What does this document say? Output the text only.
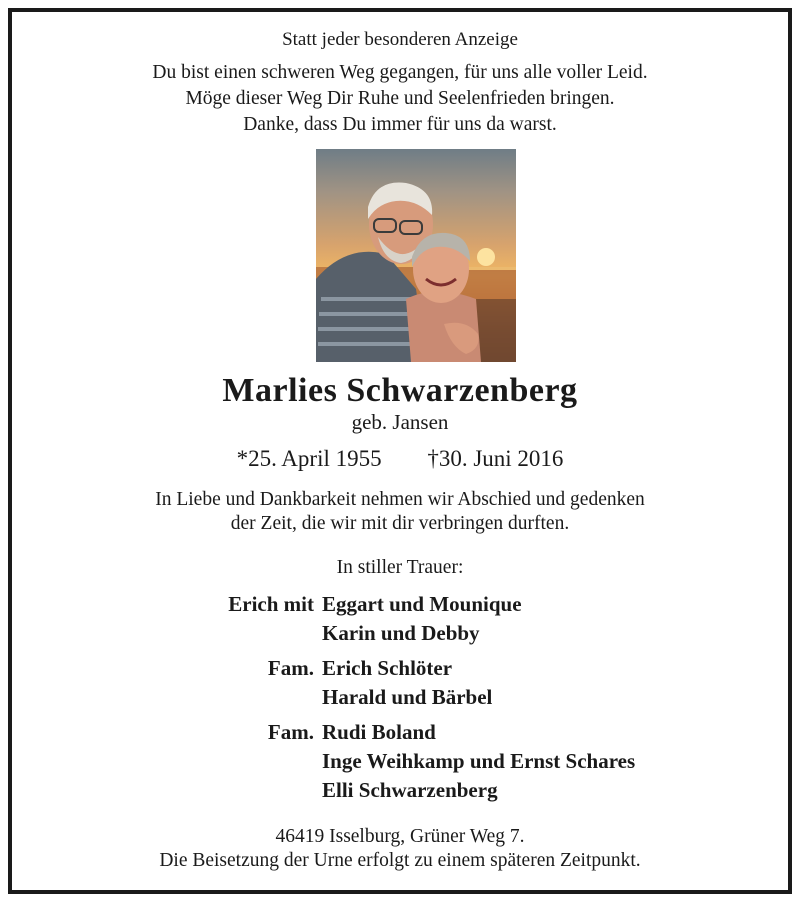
Statt jeder besonderen Anzeige
Du bist einen schweren Weg gegangen, für uns alle voller Leid.
Möge dieser Weg Dir Ruhe und Seelenfrieden bringen.
Danke, dass Du immer für uns da warst.
Marlies Schwarzenberg
geb. Jansen
*25. April 1955 †30. Juni 2016
In Liebe und Dankbarkeit nehmen wir Abschied und gedenken
der Zeit, die wir mit dir verbringen durften.
In stiller Trauer:
Erich mit Eggart und Mounique
Karin und Debby
Fam. Erich Schlöter
Harald und Bärbel
Fam. Rudi Boland
Inge Weihkamp und Ernst Schares
Elli Schwarzenberg
46419 Isselburg, Grüner Weg 7.
Die Beisetzung der Urne erfolgt zu einem späteren Zeitpunkt.
